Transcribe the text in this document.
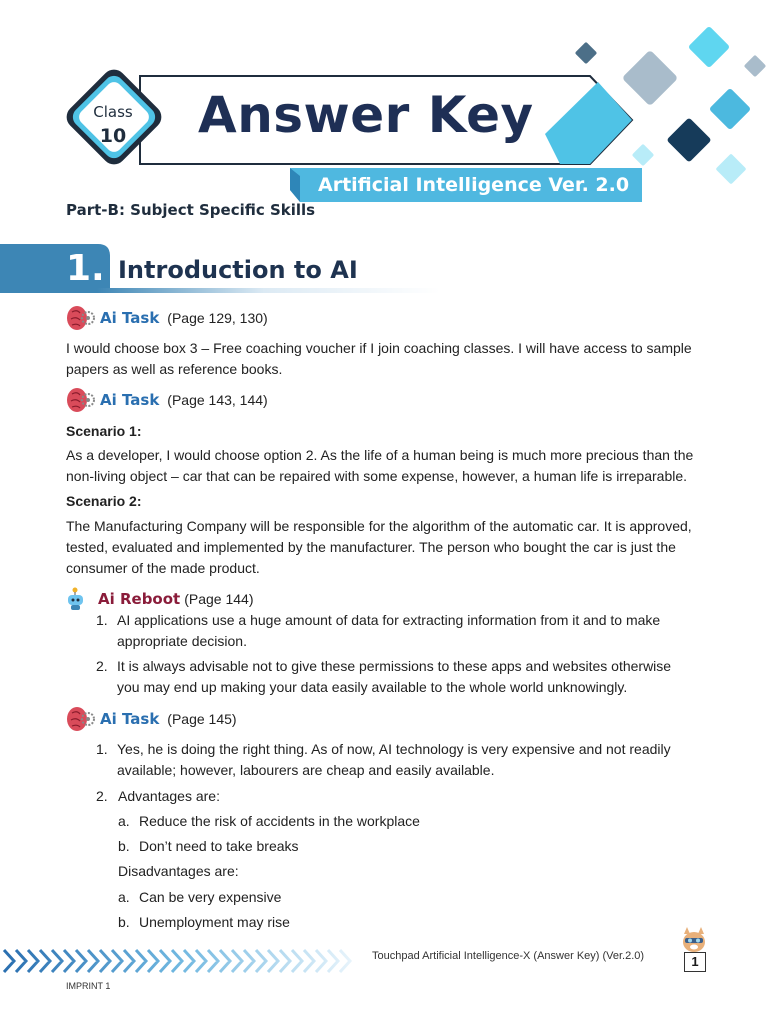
Class
10	Answer Key
Artificial Intelligence Ver. 2.0
Part-B: Subject Specific Skills
1. Introduction to AI
Ai Task (Page 129, 130)
I would choose box 3 – Free coaching voucher if I join coaching classes. I will have access to sample papers as well as reference books.
Ai Task (Page 143, 144)
Scenario 1:
As a developer, I would choose option 2. As the life of a human being is much more precious than the non-living object – car that can be repaired with some expense, however, a human life is irreparable.
Scenario 2:
The Manufacturing Company will be responsible for the algorithm of the automatic car. It is approved, tested, evaluated and implemented by the manufacturer. The person who bought the car is just the consumer of the made product.
Ai Reboot (Page 144)
1. AI applications use a huge amount of data for extracting information from it and to make
appropriate decision.
2. It is always advisable not to give these permissions to these apps and websites otherwise
you may end up making your data easily available to the whole world unknowingly.
Ai Task (Page 145)
1. Yes, he is doing the right thing. As of now, AI technology is very expensive and not readily
available; however, labourers are cheap and easily available.
2. Advantages are:
a. Reduce the risk of accidents in the workplace
b. Don’t need to take breaks
Disadvantages are:
a. Can be very expensive
b. Unemployment may rise
Touchpad Artificial Intelligence-X (Answer Key) (Ver.2.0)	1
IMPRINT 1
